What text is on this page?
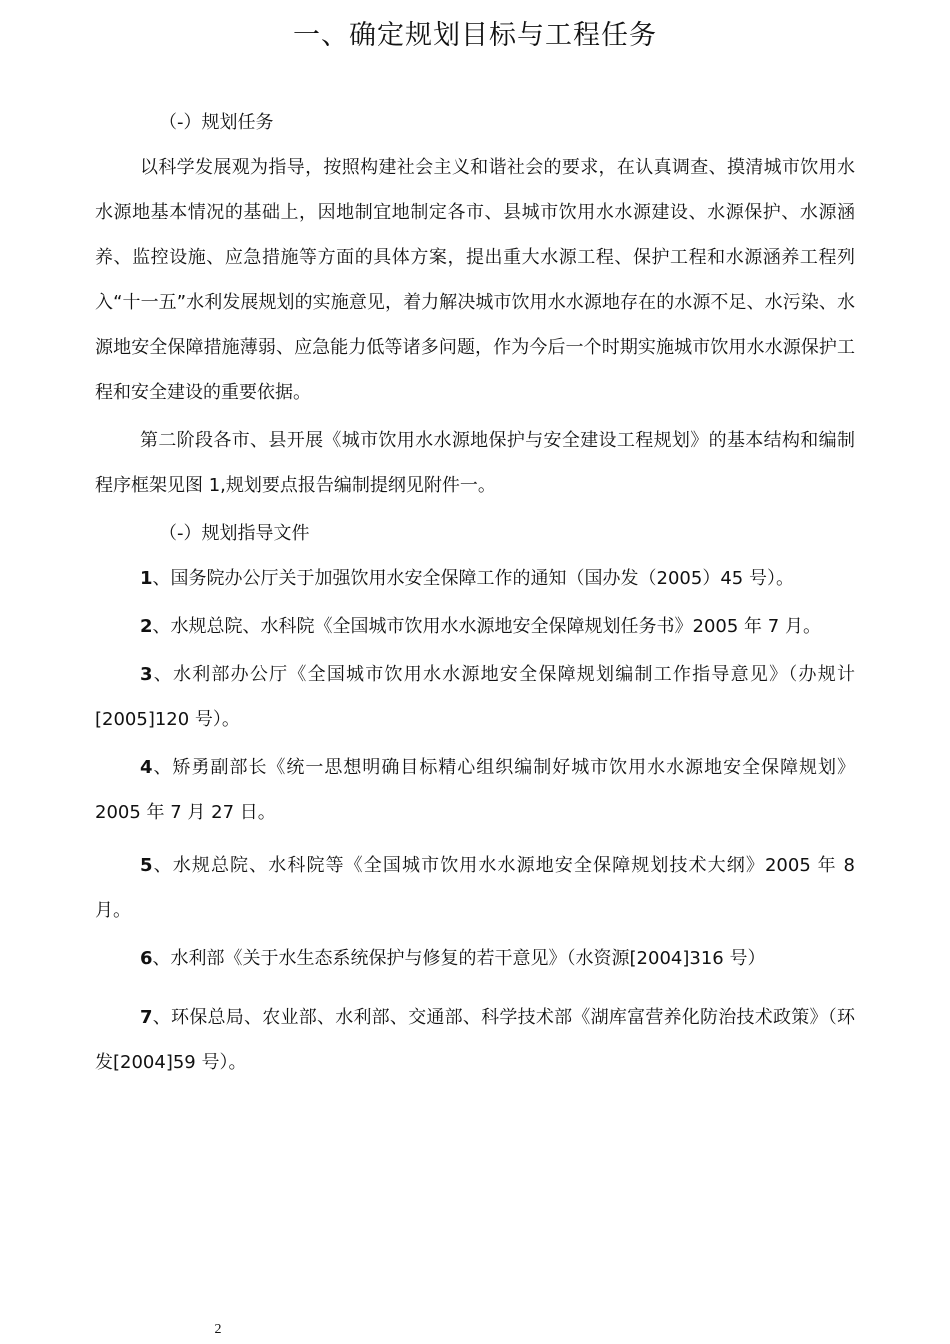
一、确定规划目标与工程任务

（-）规划任务

以科学发展观为指导，按照构建社会主义和谐社会的要求，在认真调查、摸清城市饮用水水源地基本情况的基础上，因地制宜地制定各市、县城市饮用水水源建设、水源保护、水源涵养、监控设施、应急措施等方面的具体方案，提出重大水源工程、保护工程和水源涵养工程列入“十一五”水利发展规划的实施意见，着力解决城市饮用水水源地存在的水源不足、水污染、水源地安全保障措施薄弱、应急能力低等诸多问题，作为今后一个时期实施城市饮用水水源保护工程和安全建设的重要依据。

第二阶段各市、县开展《城市饮用水水源地保护与安全建设工程规划》的基本结构和编制程序框架见图 1,规划要点报告编制提纲见附件一。

（-）规划指导文件

1、国务院办公厅关于加强饮用水安全保障工作的通知（国办发（2005）45 号）。

2、水规总院、水科院《全国城市饮用水水源地安全保障规划任务书》2005 年 7 月。

3、水利部办公厅《全国城市饮用水水源地安全保障规划编制工作指导意见》（办规计[2005]120 号）。

4、矫勇副部长《统一思想明确目标精心组织编制好城市饮用水水源地安全保障规划》2005 年 7 月 27 日。

5、水规总院、水科院等《全国城市饮用水水源地安全保障规划技术大纲》2005 年 8 月。

6、水利部《关于水生态系统保护与修复的若干意见》（水资源[2004]316 号）

7、环保总局、农业部、水利部、交通部、科学技术部《湖库富营养化防治技术政策》（环发[2004]59 号）。

2
